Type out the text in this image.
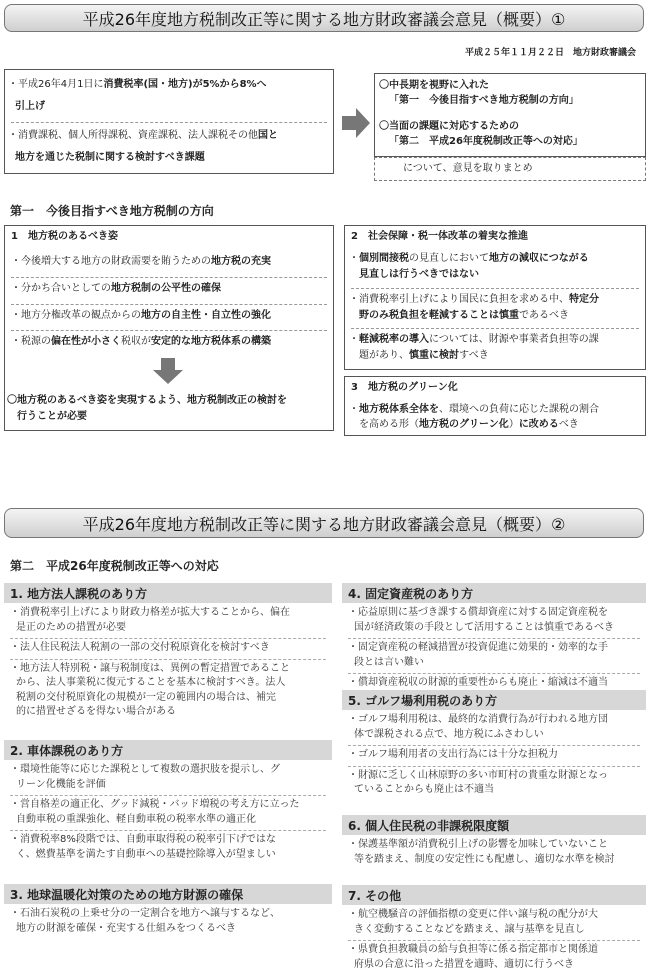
平成26年度地方税制改正等に関する地方財政審議会意見（概要）①
平成２５年１１月２２日　地方財政審議会
・平成26年4月1日に消費税率(国・地方)が5%から8%へ
引上げ
・消費課税、個人所得課税、資産課税、法人課税その他国と
地方を通じた税制に関する検討すべき課題
〇中長期を視野に入れた
「第一　今後目指すべき地方税制の方向」
〇当面の課題に対応するための
「第二　平成26年度税制改正等への対応」
について、意見を取りまとめ
第一　今後目指すべき地方税制の方向
1　地方税のあるべき姿
・今後増大する地方の財政需要を賄うための地方税の充実
・分かち合いとしての地方税制の公平性の確保
・地方分権改革の観点からの地方の自主性・自立性の強化
・税源の偏在性が小さく税収が安定的な地方税体系の構築
〇地方税のあるべき姿を実現するよう、地方税制改正の検討を
行うことが必要
2　社会保障・税一体改革の着実な推進
・個別間接税の見直しにおいて地方の減収につながる
見直しは行うべきではない
・消費税率引上げにより国民に負担を求める中、特定分
野のみ税負担を軽減することは慎重であるべき
・軽減税率の導入については、財源や事業者負担等の課
題があり、慎重に検討すべき
3　地方税のグリーン化
・地方税体系全体を、環境への負荷に応じた課税の割合
を高める形（地方税のグリーン化）に改めるべき
平成26年度地方税制改正等に関する地方財政審議会意見（概要）②
第二　平成26年度税制改正等への対応
1. 地方法人課税のあり方
・消費税率引上げにより財政力格差が拡大することから、偏在
是正のための措置が必要
・法人住民税法人税割の一部の交付税原資化を検討すべき
・地方法人特別税・譲与税制度は、異例の暫定措置であること
から、法人事業税に復元することを基本に検討すべき。法人
税割の交付税原資化の規模が一定の範囲内の場合は、補完
的に措置せざるを得ない場合がある
2. 車体課税のあり方
・環境性能等に応じた課税として複数の選択肢を提示し、グ
リーン化機能を評価
・営自格差の適正化、グッド減税・バッド増税の考え方に立った
自動車税の重課強化、軽自動車税の税率水準の適正化
・消費税率8%段階では、自動車取得税の税率引下げではな
く、燃費基準を満たす自動車への基礎控除導入が望ましい
3. 地球温暖化対策のための地方財源の確保
・石油石炭税の上乗せ分の一定割合を地方へ譲与するなど、
地方の財源を確保・充実する仕組みをつくるべき
4. 固定資産税のあり方
・応益原則に基づき課する償却資産に対する固定資産税を
国が経済政策の手段として活用することは慎重であるべき
・固定資産税の軽減措置が投資促進に効果的・効率的な手
段とは言い難い
・償却資産税収の財源的重要性からも廃止・縮減は不適当
5. ゴルフ場利用税のあり方
・ゴルフ場利用税は、最終的な消費行為が行われる地方団
体で課税される点で、地方税にふさわしい
・ゴルフ場利用者の支出行為には十分な担税力
・財源に乏しく山林原野の多い市町村の貴重な財源となっ
ていることからも廃止は不適当
6. 個人住民税の非課税限度額
・保護基準額が消費税引上げの影響を加味していないこと
等を踏まえ、制度の安定性にも配慮し、適切な水準を検討
7. その他
・航空機騒音の評価指標の変更に伴い譲与税の配分が大
きく変動することなどを踏まえ、譲与基準を見直し
・県費負担教職員の給与負担等に係る指定都市と関係道
府県の合意に沿った措置を適時、適切に行うべき
